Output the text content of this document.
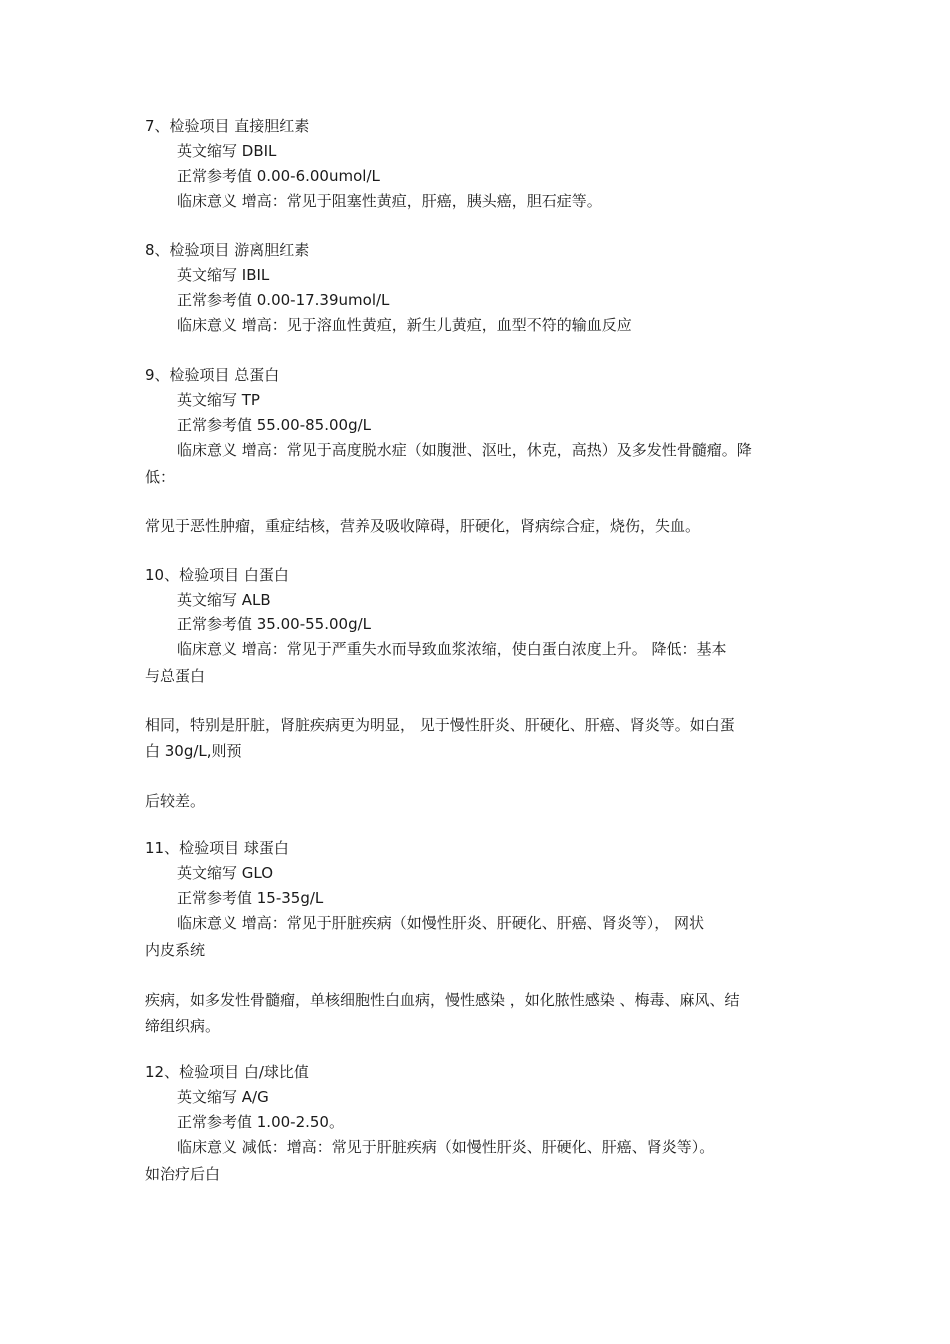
7、检验项目 直接胆红素
英文缩写 DBIL
正常参考值 0.00-6.00umol/L
临床意义 增高：常见于阻塞性黄疸，肝癌，胰头癌，胆石症等。
8、检验项目 游离胆红素
英文缩写 IBIL
正常参考值 0.00-17.39umol/L
临床意义 增高：见于溶血性黄疸，新生儿黄疸，血型不符的输血反应
9、检验项目 总蛋白
英文缩写 TP
正常参考值 55.00-85.00g/L
临床意义 增高：常见于高度脱水症（如腹泄、沤吐，休克，高热）及多发性骨髓瘤。降
低：
常见于恶性肿瘤，重症结核，营养及吸收障碍，肝硬化，肾病综合症，烧伤，失血。
10、检验项目 白蛋白
英文缩写 ALB
正常参考值 35.00-55.00g/L
临床意义 增高：常见于严重失水而导致血浆浓缩，使白蛋白浓度上升。 降低：基本
与总蛋白
相同，特别是肝脏，肾脏疾病更为明显， 见于慢性肝炎、肝硬化、肝癌、肾炎等。如白蛋
白 30g/L,则预
后较差。
11、检验项目 球蛋白
英文缩写 GLO
正常参考值 15-35g/L
临床意义 增高：常见于肝脏疾病（如慢性肝炎、肝硬化、肝癌、肾炎等）， 网状
内皮系统
疾病，如多发性骨髓瘤，单核细胞性白血病，慢性感染 ，如化脓性感染 、梅毒、麻风、结
缔组织病。
12、检验项目 白/球比值
英文缩写 A/G
正常参考值 1.00-2.50。
临床意义 减低：增高：常见于肝脏疾病（如慢性肝炎、肝硬化、肝癌、肾炎等）。
如治疗后白
